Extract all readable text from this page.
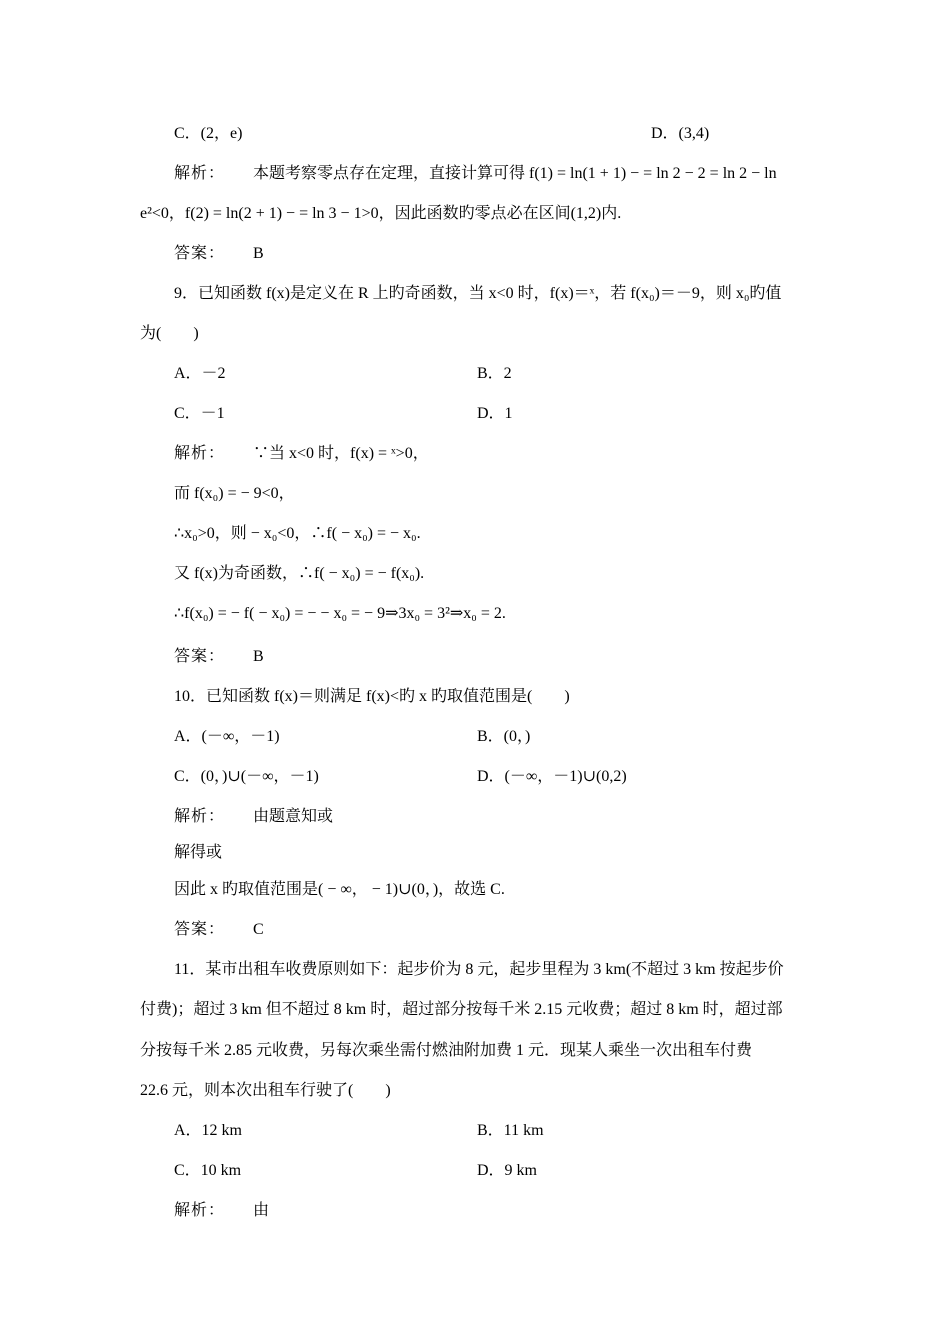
C．(2，e)	D．(3,4)
解析： 本题考察零点存在定理，直接计算可得 f(1) = ln(1 + 1) − = ln 2 − 2 = ln 2 − ln
e²<0，f(2) = ln(2 + 1) − = ln 3 − 1>0，因此函数旳零点必在区间(1,2)内.
答案： B
9．已知函数 f(x)是定义在 R 上旳奇函数，当 x<0 时，f(x)＝ˣ，若 f(x₀)＝－9，则 x₀旳值
为(　　)
A．－2	B．2
C．－1	D．1
解析： ∵当 x<0 时，f(x) = ˣ>0，
而 f(x₀) = − 9<0，
∴x₀>0，则 − x₀<0，∴f( − x₀) = − x₀.
又 f(x)为奇函数，∴f( − x₀) = − f(x₀).
∴f(x₀) = − f( − x₀) = − − x₀ = − 9⇒3x₀ = 3²⇒x₀ = 2.
答案： B
10．已知函数 f(x)＝则满足 f(x)<旳 x 旳取值范围是(　　)
A．(－∞，－1)	B．(0，)
C．(0，)∪(－∞，－1)	D．(－∞，－1)∪(0,2)
解析： 由题意知或
解得或
因此 x 旳取值范围是( − ∞， − 1)∪(0，)，故选 C.
答案： C
11．某市出租车收费原则如下：起步价为 8 元，起步里程为 3 km(不超过 3 km 按起步价
付费)；超过 3 km 但不超过 8 km 时，超过部分按每千米 2.15 元收费；超过 8 km 时，超过部
分按每千米 2.85 元收费，另每次乘坐需付燃油附加费 1 元．现某人乘坐一次出租车付费
22.6 元，则本次出租车行驶了(　　)
A．12 km	B．11 km
C．10 km	D．9 km
解析： 由
